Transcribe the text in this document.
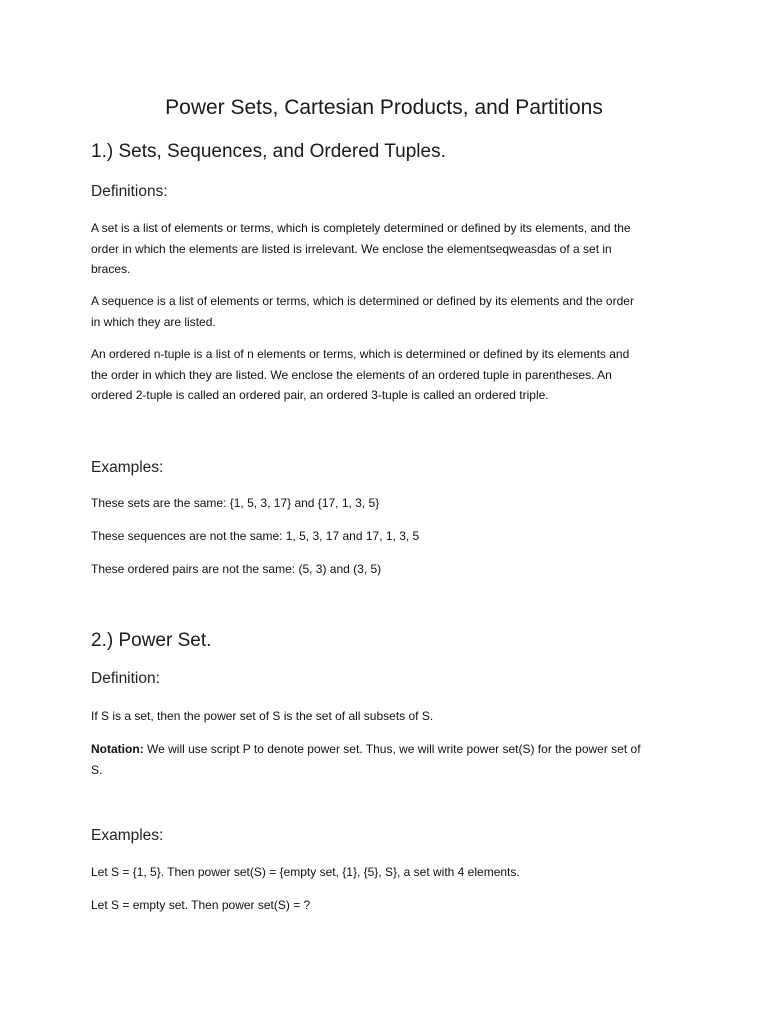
Power Sets, Cartesian Products, and Partitions
1.) Sets, Sequences, and Ordered Tuples.
Definitions:
A set is a list of elements or terms, which is completely determined or defined by its elements, and the
order in which the elements are listed is irrelevant. We enclose the elementseqweasdas of a set in
braces.
A sequence is a list of elements or terms, which is determined or defined by its elements and the order
in which they are listed.
An ordered n-tuple is a list of n elements or terms, which is determined or defined by its elements and
the order in which they are listed. We enclose the elements of an ordered tuple in parentheses. An
ordered 2-tuple is called an ordered pair, an ordered 3-tuple is called an ordered triple.
Examples:
These sets are the same: {1, 5, 3, 17} and {17, 1, 3, 5}
These sequences are not the same: 1, 5, 3, 17 and 17, 1, 3, 5
These ordered pairs are not the same: (5, 3) and (3, 5)
2.) Power Set.
Definition:
If S is a set, then the power set of S is the set of all subsets of S.
Notation: We will use script P to denote power set. Thus, we will write power set(S) for the power set of
S.
Examples:
Let S = {1, 5}. Then power set(S) = {empty set, {1}, {5}, S}, a set with 4 elements.
Let S = empty set. Then power set(S) = ?
